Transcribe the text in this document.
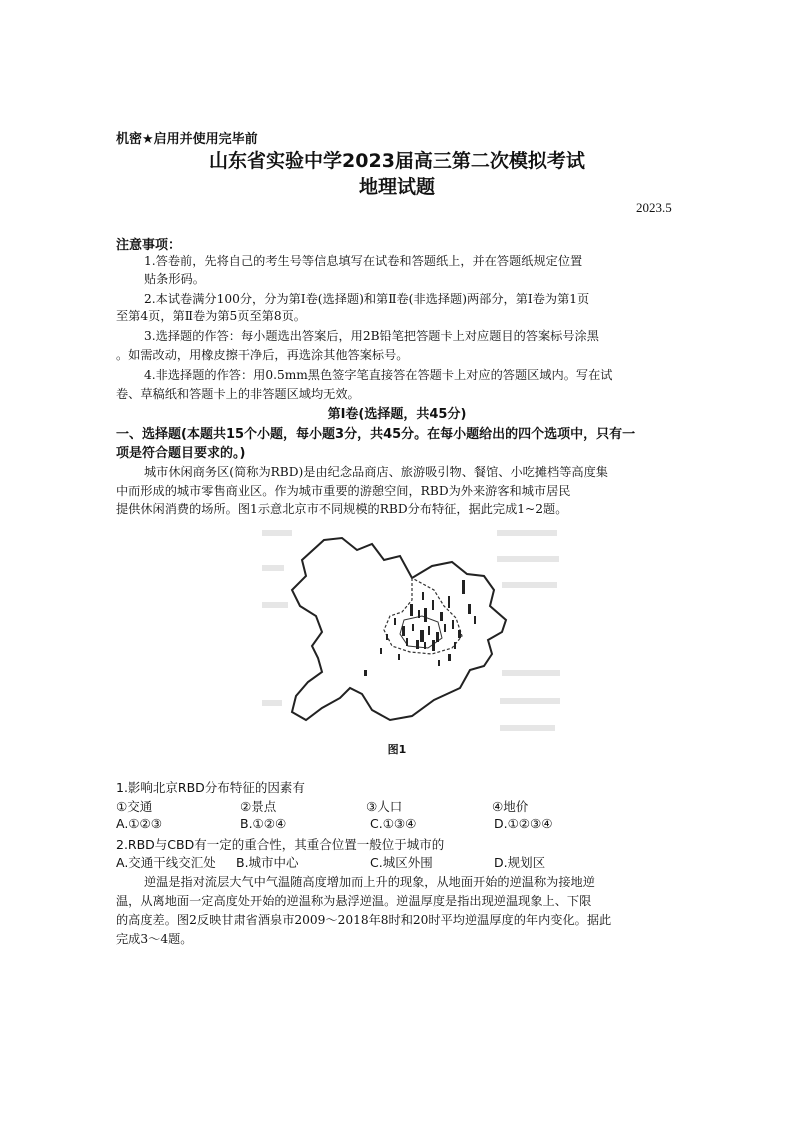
机密★启用并使用完毕前
山东省实验中学2023届高三第二次模拟考试
地理试题
2023.5
注意事项：
1.答卷前，先将自己的考生号等信息填写在试卷和答题纸上，并在答题纸规定位置
贴条形码。
2.本试卷满分100分，分为第Ⅰ卷(选择题)和第Ⅱ卷(非选择题)两部分，第Ⅰ卷为第1页
至第4页，第Ⅱ卷为第5页至第8页。
3.选择题的作答：每小题选出答案后，用2B铅笔把答题卡上对应题目的答案标号涂黑
。如需改动，用橡皮擦干净后，再选涂其他答案标号。
4.非选择题的作答：用0.5mm黑色签字笔直接答在答题卡上对应的答题区域内。写在试
卷、草稿纸和答题卡上的非答题区域均无效。
第Ⅰ卷(选择题，共45分)
一、选择题(本题共15个小题，每小题3分，共45分。在每小题给出的四个选项中，只有一
项是符合题目要求的。)
城市休闲商务区(简称为RBD)是由纪念品商店、旅游吸引物、餐馆、小吃摊档等高度集
中而形成的城市零售商业区。作为城市重要的游憩空间，RBD为外来游客和城市居民
提供休闲消费的场所。图1示意北京市不同规模的RBD分布特征，据此完成1~2题。
图1
1.影响北京RBD分布特征的因素有
①交通	②景点	③人口	④地价
A.①②③	B.①②④	C.①③④	D.①②③④
2.RBD与CBD有一定的重合性，其重合位置一般位于城市的
A.交通干线交汇处 B.城市中心	C.城区外围	D.规划区
逆温是指对流层大气中气温随高度增加而上升的现象，从地面开始的逆温称为接地逆
温，从离地面一定高度处开始的逆温称为悬浮逆温。逆温厚度是指出现逆温现象上、下限
的高度差。图2反映甘肃省酒泉市2009～2018年8时和20时平均逆温厚度的年内变化。据此
完成3～4题。
